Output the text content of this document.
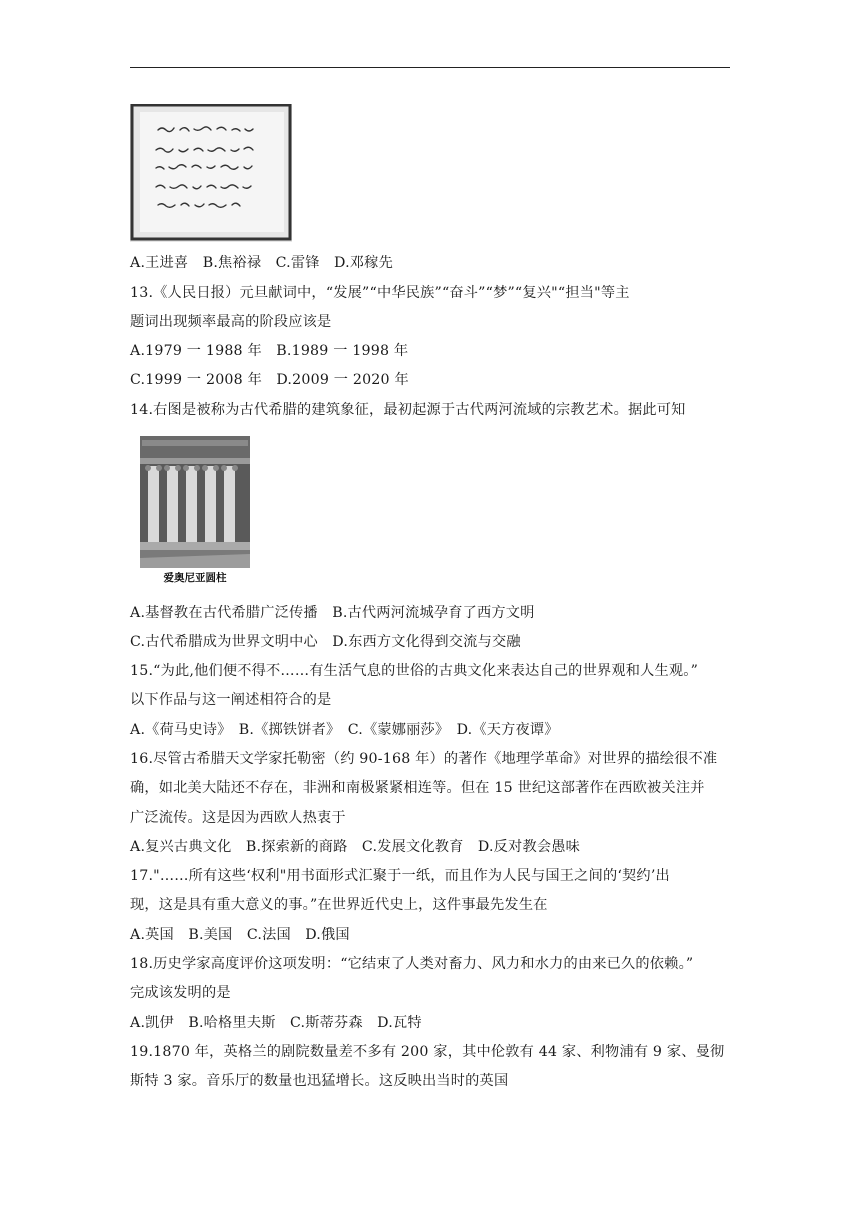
A.王进喜　B.焦裕禄　C.雷锋　D.邓稼先
13.《人民日报）元旦献词中，“发展”“中华民族”“奋斗”“梦”“复兴"“担当"等主
题词出现频率最高的阶段应该是
A.1979 一 1988 年　B.1989 一 1998 年
C.1999 一 2008 年　D.2009 一 2020 年
14.右图是被称为古代希腊的建筑象征，最初起源于古代两河流域的宗教艺术。据此可知
爱奥尼亚圆柱
A.基督教在古代希腊广泛传播　B.古代两河流城孕育了西方文明
C.古代希腊成为世界文明中心　D.东西方文化得到交流与交融
15.“为此,他们便不得不……有生活气息的世俗的古典文化来表达自己的世界观和人生观。”
以下作品与这一阐述相符合的是
A.《荷马史诗》　B.《掷铁饼者》　C.《蒙娜丽莎》　D.《天方夜谭》
16.尽管古希腊天文学家托勒密（约 90-168 年）的著作《地理学革命》对世界的描绘很不准
确，如北美大陆还不存在，非洲和南极紧紧相连等。但在 15 世纪这部著作在西欧被关注并
广泛流传。这是因为西欧人热衷于
A.复兴古典文化　B.探索新的商路　C.发展文化教育　D.反对教会愚味
17."……所有这些‘权利"用书面形式汇聚于一纸，而且作为人民与国王之间的‘契约’出
现，这是具有重大意义的事。”在世界近代史上，这件事最先发生在
A.英国　B.美国　C.法国　D.俄国
18.历史学家高度评价这项发明：“它结束了人类对畜力、风力和水力的由来已久的依赖。”
完成该发明的是
A.凯伊　B.哈格里夫斯　C.斯蒂芬森　D.瓦特
19.1870 年，英格兰的剧院数量差不多有 200 家，其中伦敦有 44 家、利物浦有 9 家、曼彻
斯特 3 家。音乐厅的数量也迅猛增长。这反映出当时的英国
